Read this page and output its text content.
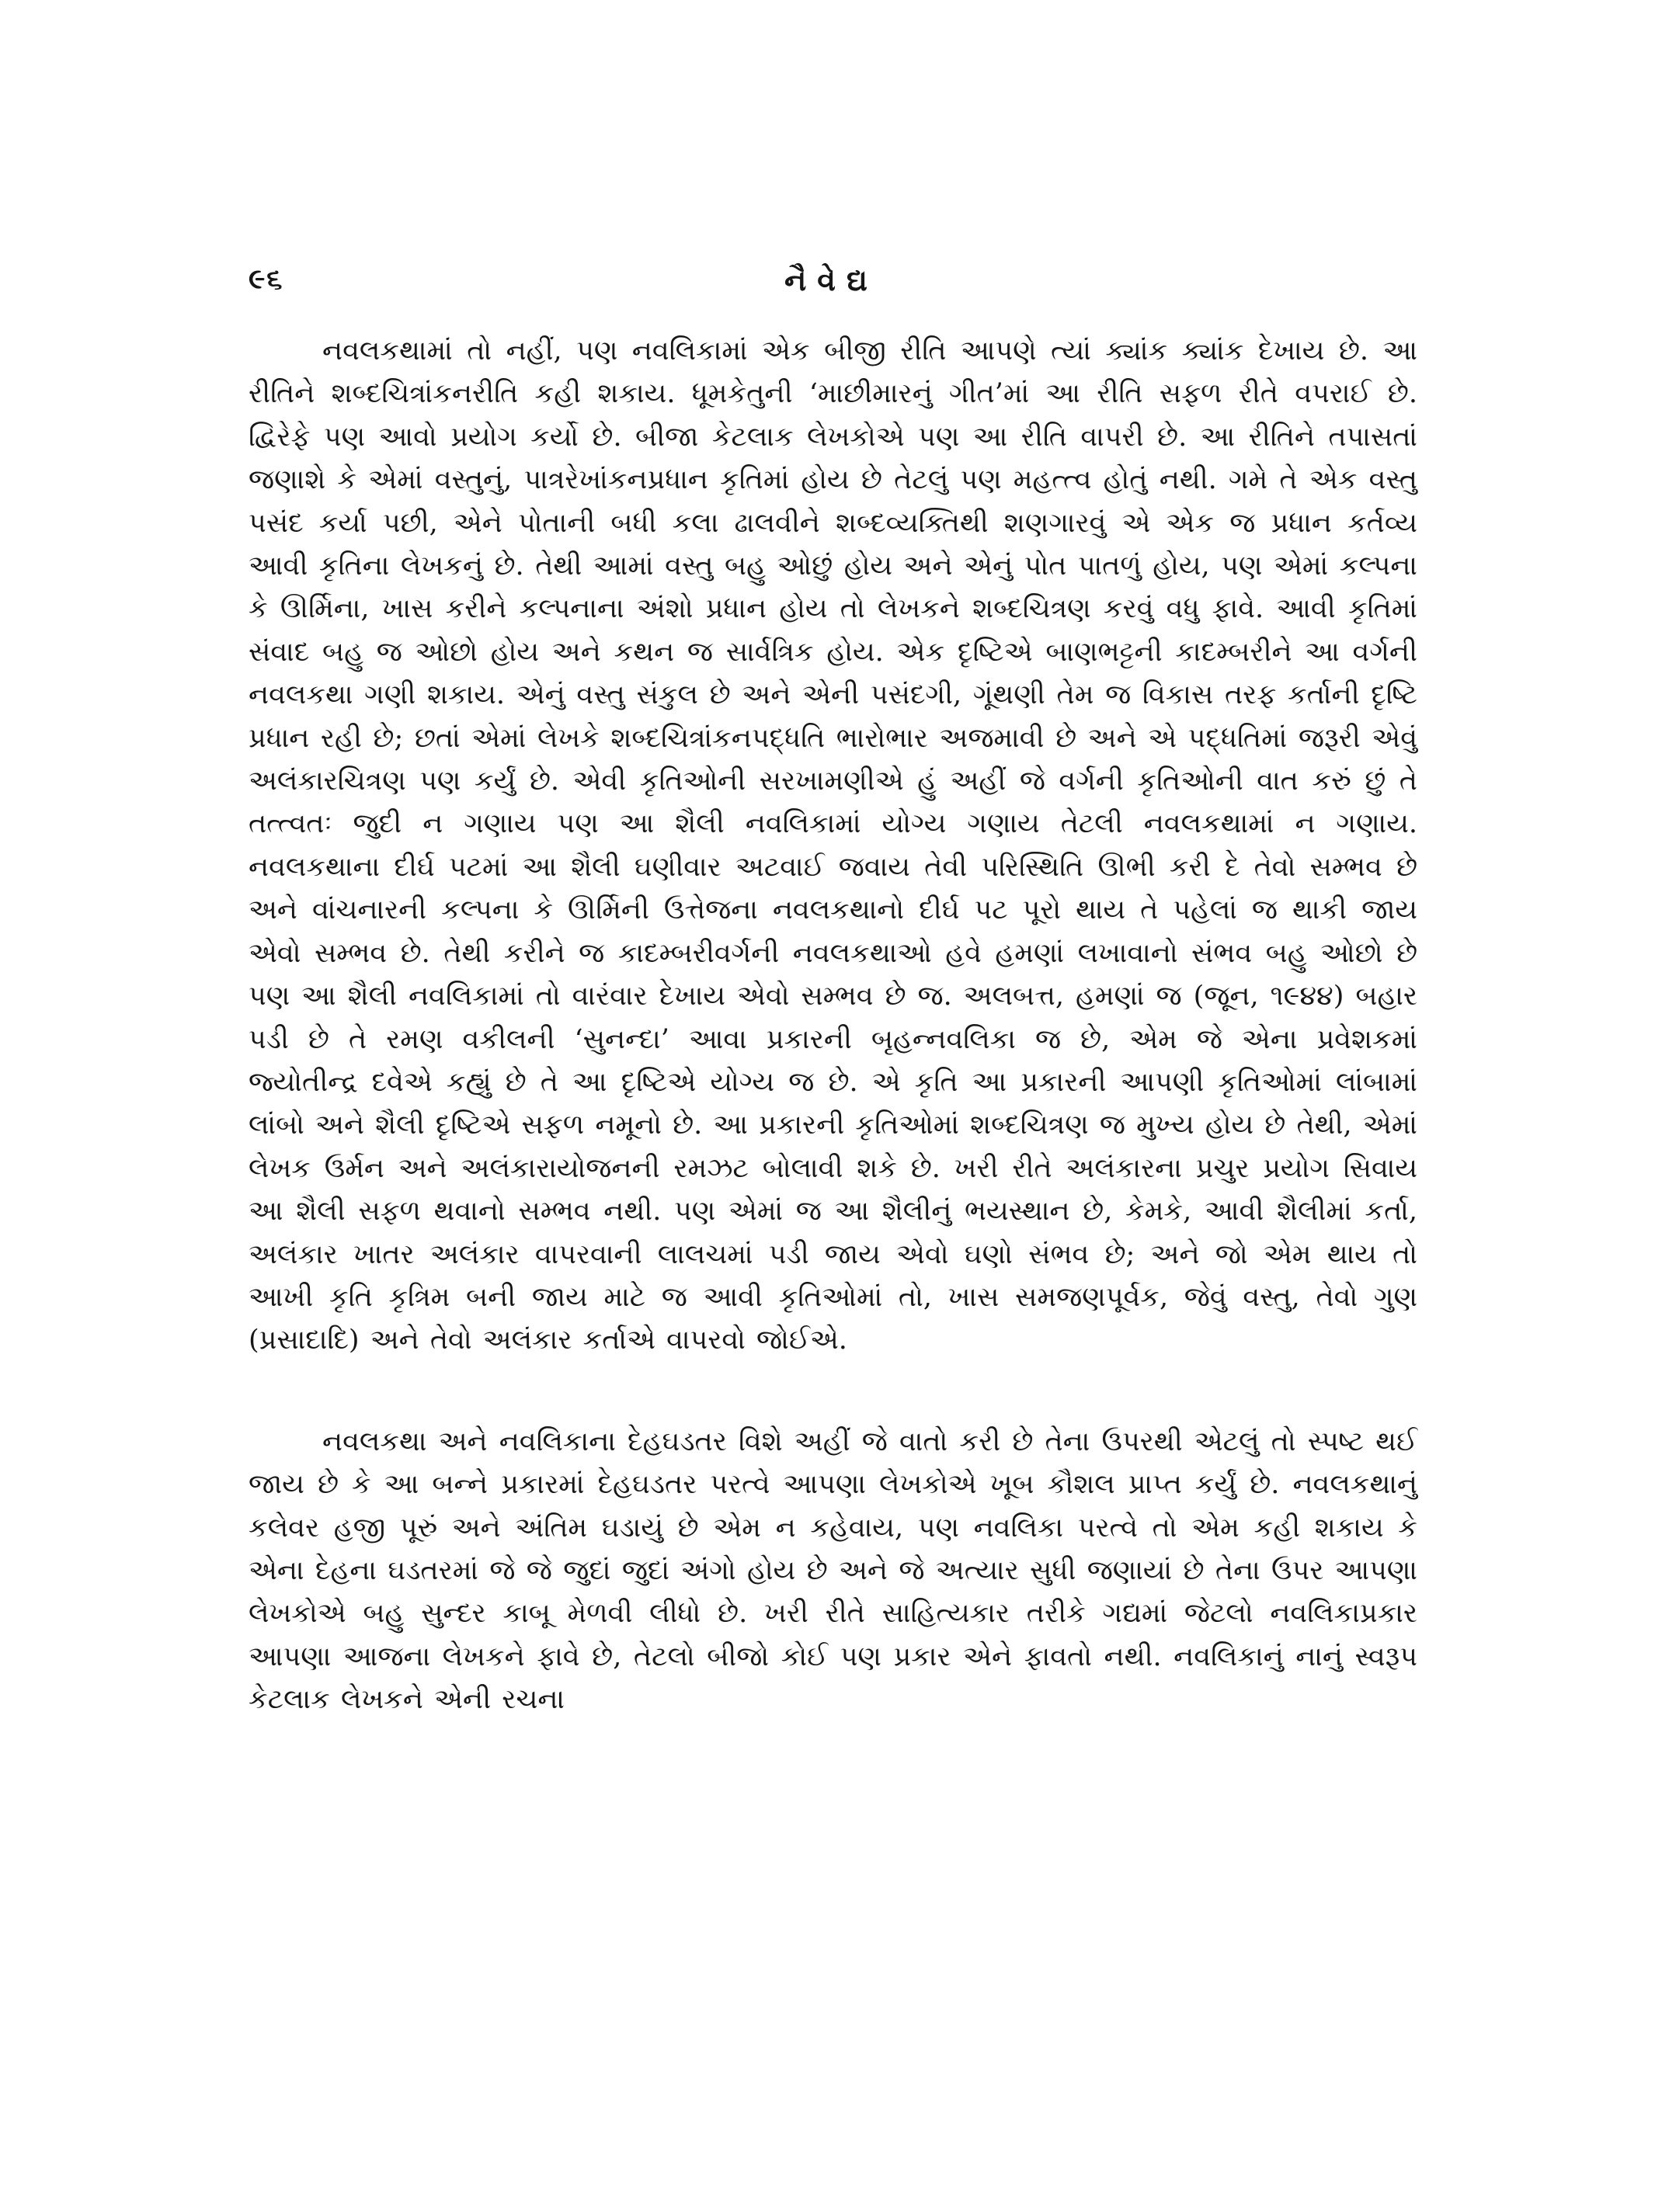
૯૬	નૈવેદ્ય

નવલકથામાં તો નહીં, પણ નવલિકામાં એક બીજી રીતિ આપણે ત્યાં ક્યાંક ક્યાંક દેખાય છે. આ રીતિને શબ્દચિત્રાંકનરીતિ કહી શકાય. ધૂમકેતુની ‘માછીમારનું ગીત’માં આ રીતિ સફળ રીતે વપરાઈ છે. દ્વિરેફે પણ આવો પ્રયોગ કર્યો છે. બીજા કેટલાક લેખકોએ પણ આ રીતિ વાપરી છે. આ રીતિને તપાસતાં જણાશે કે એમાં વસ્તુનું, પાત્રરેખાંકનપ્રધાન કૃતિમાં હોય છે તેટલું પણ મહત્ત્વ હોતું નથી. ગમે તે એક વસ્તુ પસંદ કર્યા પછી, એને પોતાની બધી કલા ઢાલવીને શબ્દવ્યક્તિથી શણગારવું એ એક જ પ્રધાન કર્તવ્ય આવી કૃતિના લેખકનું છે. તેથી આમાં વસ્તુ બહુ ઓછું હોય અને એનું પોત પાતળું હોય, પણ એમાં કલ્પના કે ઊર્મિના, ખાસ કરીને કલ્પનાના અંશો પ્રધાન હોય તો લેખકને શબ્દચિત્રણ કરવું વધુ ફાવે. આવી કૃતિમાં સંવાદ બહુ જ ઓછો હોય અને કથન જ સાર્વત્રિક હોય. એક દૃષ્ટિએ બાણભટ્ટની કાદમ્બરીને આ વર્ગની નવલકથા ગણી શકાય. એનું વસ્તુ સંકુલ છે અને એની પસંદગી, ગૂંથણી તેમ જ વિકાસ તરફ કર્તાની દૃષ્ટિ પ્રધાન રહી છે; છતાં એમાં લેખકે શબ્દચિત્રાંકનપદ્ધતિ ભારોભાર અજમાવી છે અને એ પદ્ધતિમાં જરૂરી એવું અલંકારચિત્રણ પણ કર્યું છે. એવી કૃતિઓની સરખામણીએ હું અહીં જે વર્ગની કૃતિઓની વાત કરું છું તે તત્ત્વતઃ જુદી ન ગણાય પણ આ શૈલી નવલિકામાં યોગ્ય ગણાય તેટલી નવલકથામાં ન ગણાય. નવલકથાના દીર્ઘ પટમાં આ શૈલી ઘણીવાર અટવાઈ જવાય તેવી પરિસ્થિતિ ઊભી કરી દે તેવો સમ્ભવ છે અને વાંચનારની કલ્પના કે ઊર્મિની ઉત્તેજના નવલકથાનો દીર્ઘ પટ પૂરો થાય તે પહેલાં જ થાકી જાય એવો સમ્ભવ છે. તેથી કરીને જ કાદમ્બરીવર્ગની નવલકથાઓ હવે હમણાં લખાવાનો સંભવ બહુ ઓછો છે પણ આ શૈલી નવલિકામાં તો વારંવાર દેખાય એવો સમ્ભવ છે જ. અલબત્ત, હમણાં જ (જૂન, ૧૯૪૪) બહાર પડી છે તે રમણ વકીલની ‘સુનન્દા’ આવા પ્રકારની બૃહન્નવલિકા જ છે, એમ જે એના પ્રવેશકમાં જ્યોતીન્દ્ર દવેએ કહ્યું છે તે આ દૃષ્ટિએ યોગ્ય જ છે. એ કૃતિ આ પ્રકારની આપણી કૃતિઓમાં લાંબામાં લાંબો અને શૈલી દૃષ્ટિએ સફળ નમૂનો છે. આ પ્રકારની કૃતિઓમાં શબ્દચિત્રણ જ મુખ્ય હોય છે તેથી, એમાં લેખક ઉર્મન અને અલંકારાયોજનની રમઝટ બોલાવી શકે છે. ખરી રીતે અલંકારના પ્રચુર પ્રયોગ સિવાય આ શૈલી સફળ થવાનો સમ્ભવ નથી. પણ એમાં જ આ શૈલીનું ભયસ્થાન છે, કેમકે, આવી શૈલીમાં કર્તા, અલંકાર ખાતર અલંકાર વાપરવાની લાલચમાં પડી જાય એવો ઘણો સંભવ છે; અને જો એમ થાય તો આખી કૃતિ કૃત્રિમ બની જાય માટે જ આવી કૃતિઓમાં તો, ખાસ સમજણપૂર્વક, જેવું વસ્તુ, તેવો ગુણ (પ્રસાદાદિ) અને તેવો અલંકાર કર્તાએ વાપરવો જોઈએ.

નવલકથા અને નવલિકાના દેહઘડતર વિશે અહીં જે વાતો કરી છે તેના ઉપરથી એટલું તો સ્પષ્ટ થઈ જાય છે કે આ બન્ને પ્રકારમાં દેહઘડતર પરત્વે આપણા લેખકોએ ખૂબ કૌશલ પ્રાપ્ત કર્યું છે. નવલકથાનું કલેવર હજી પૂરું અને અંતિમ ઘડાયું છે એમ ન કહેવાય, પણ નવલિકા પરત્વે તો એમ કહી શકાય કે એના દેહના ઘડતરમાં જે જે જુદાં જુદાં અંગો હોય છે અને જે અત્યાર સુધી જણાયાં છે તેના ઉપર આપણા લેખકોએ બહુ સુન્દર કાબૂ મેળવી લીધો છે. ખરી રીતે સાહિત્યકાર તરીકે ગદ્યમાં જેટલો નવલિકાપ્રકાર આપણા આજના લેખકને ફાવે છે, તેટલો બીજો કોઈ પણ પ્રકાર એને ફાવતો નથી. નવલિકાનું નાનું સ્વરૂપ કેટલાક લેખકને એની રચના
